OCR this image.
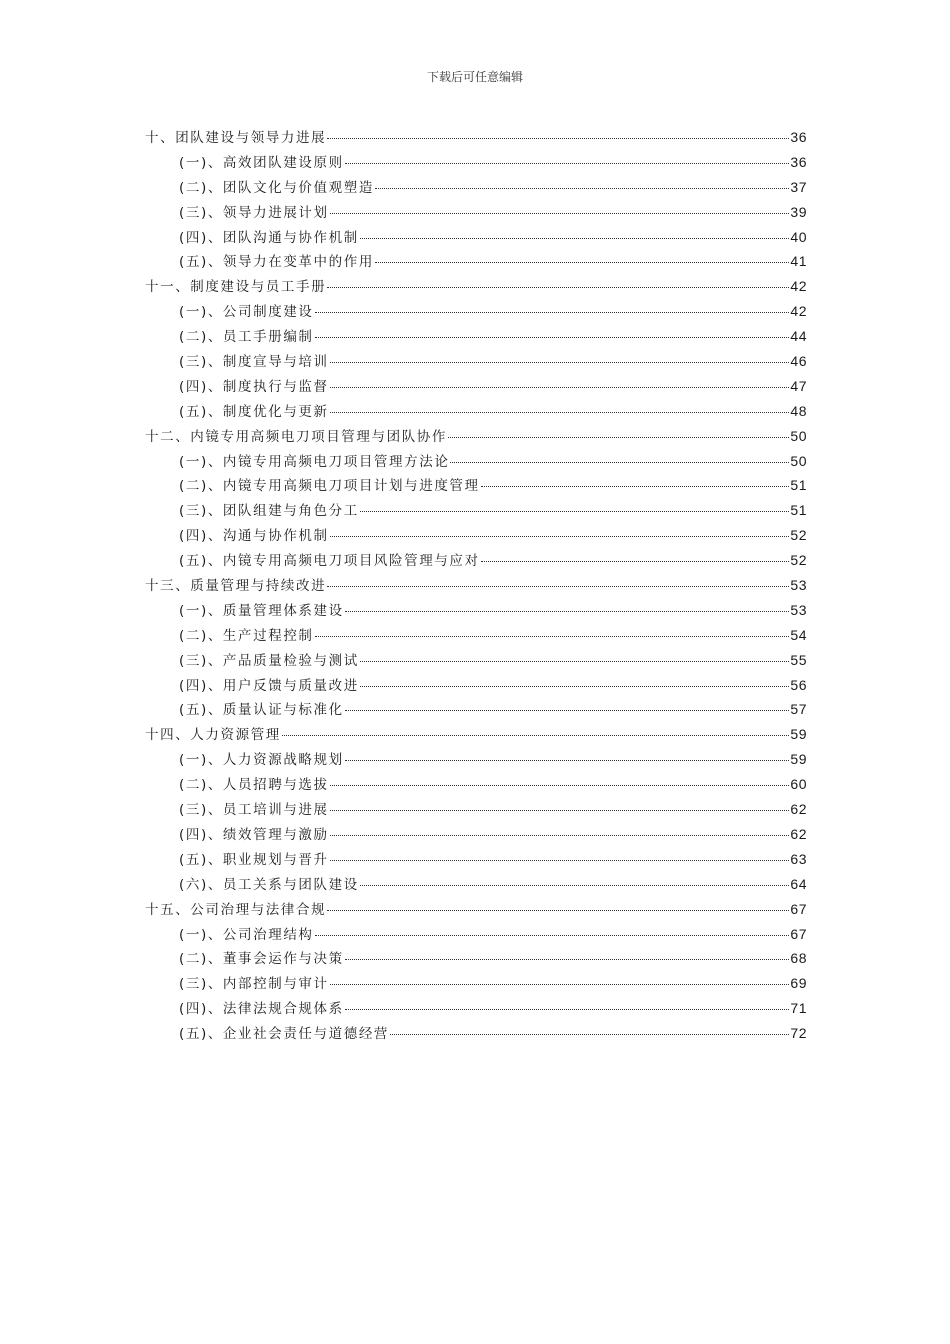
下载后可任意编辑
十、团队建设与领导力进展	36
(一)、高效团队建设原则	36
(二)、团队文化与价值观塑造	37
(三)、领导力进展计划	39
(四)、团队沟通与协作机制	40
(五)、领导力在变革中的作用	41
十一、制度建设与员工手册	42
(一)、公司制度建设	42
(二)、员工手册编制	44
(三)、制度宣导与培训	46
(四)、制度执行与监督	47
(五)、制度优化与更新	48
十二、内镜专用高频电刀项目管理与团队协作	50
(一)、内镜专用高频电刀项目管理方法论	50
(二)、内镜专用高频电刀项目计划与进度管理	51
(三)、团队组建与角色分工	51
(四)、沟通与协作机制	52
(五)、内镜专用高频电刀项目风险管理与应对	52
十三、质量管理与持续改进	53
(一)、质量管理体系建设	53
(二)、生产过程控制	54
(三)、产品质量检验与测试	55
(四)、用户反馈与质量改进	56
(五)、质量认证与标准化	57
十四、人力资源管理	59
(一)、人力资源战略规划	59
(二)、人员招聘与选拔	60
(三)、员工培训与进展	62
(四)、绩效管理与激励	62
(五)、职业规划与晋升	63
(六)、员工关系与团队建设	64
十五、公司治理与法律合规	67
(一)、公司治理结构	67
(二)、董事会运作与决策	68
(三)、内部控制与审计	69
(四)、法律法规合规体系	71
(五)、企业社会责任与道德经营	72
